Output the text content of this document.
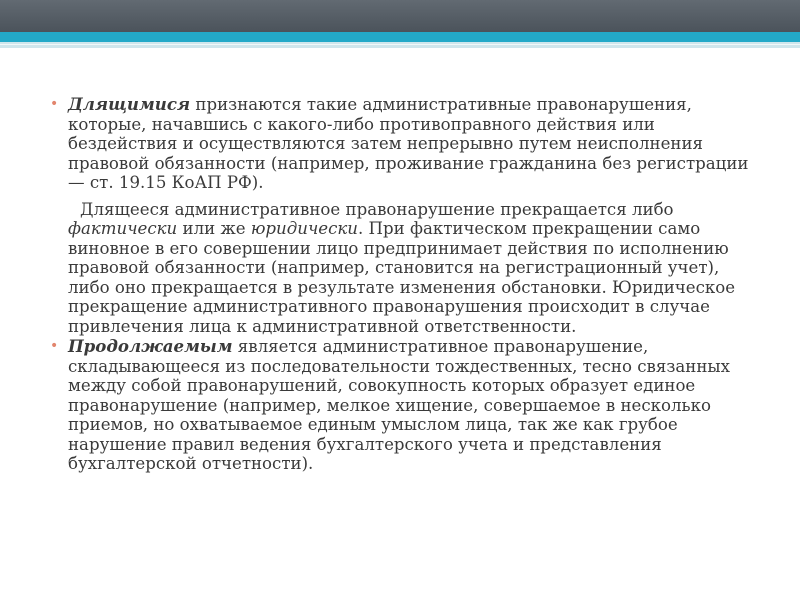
• Длящимися признаются такие административные правонарушения, которые, начавшись с какого-либо противоправного действия или бездействия и осуществляются затем непрерывно путем неисполнения правовой обязанности (например, проживание гражданина без регистрации — ст. 19.15 КоАП РФ).
Длящееся административное правонарушение прекращается либо фактически или же юридически. При фактическом прекращении само виновное в его совершении лицо предпринимает действия по исполнению правовой обязанности (например, становится на регистрационный учет), либо оно прекращается в результате изменения обстановки. Юридическое прекращение административного правонарушения происходит в случае привлечения лица к административной ответственности.
• Продолжаемым является административное правонарушение, складывающееся из последовательности тождественных, тесно связанных между собой правонарушений, совокупность которых образует единое правонарушение (например, мелкое хищение, совершаемое в несколько приемов, но охватываемое единым умыслом лица, так же как грубое нарушение правил ведения бухгалтерского учета и представления бухгалтерской отчетности).
